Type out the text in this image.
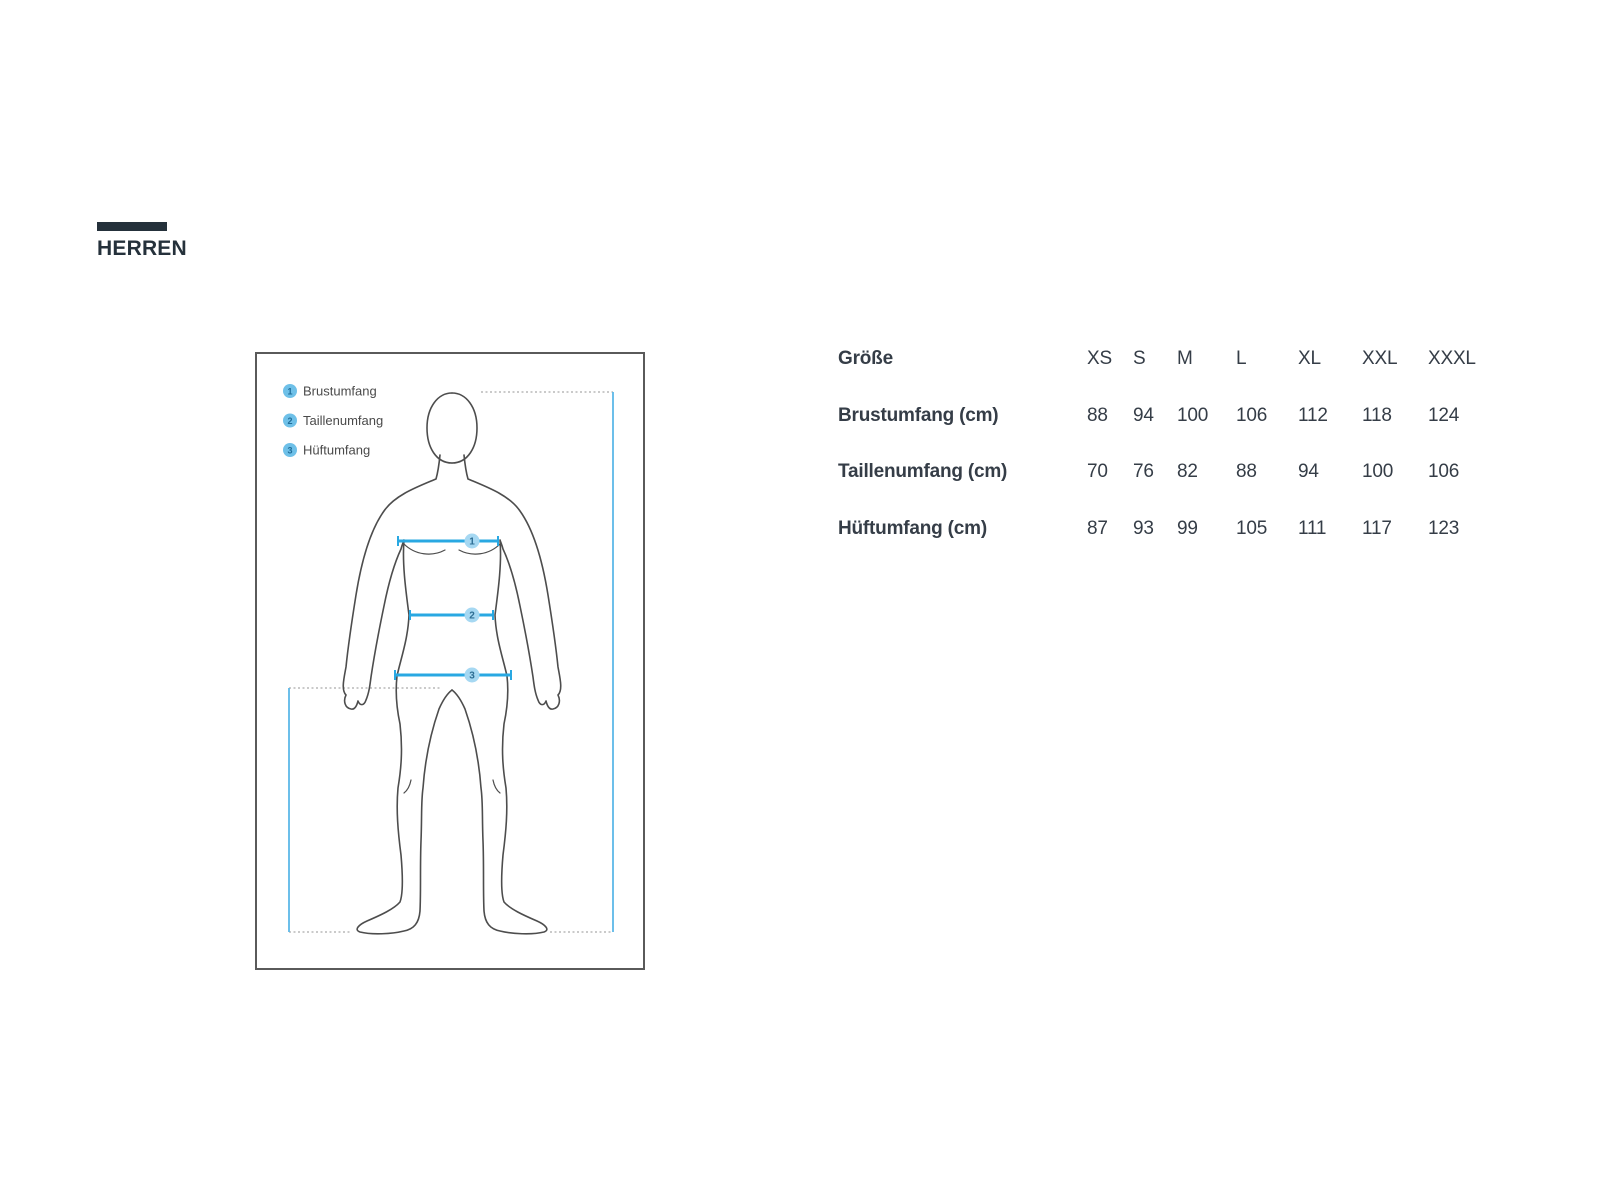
HERREN
1
2
3
1 Brustumfang
2 Taillenumfang
3 Hüftumfang
Größe	XS	S	M	L	XL	XXL	XXXL
Brustumfang (cm)	88	94	100	106	112	118	124
Taillenumfang (cm)	70	76	82	88	94	100	106
Hüftumfang (cm)	87	93	99	105	111	117	123
